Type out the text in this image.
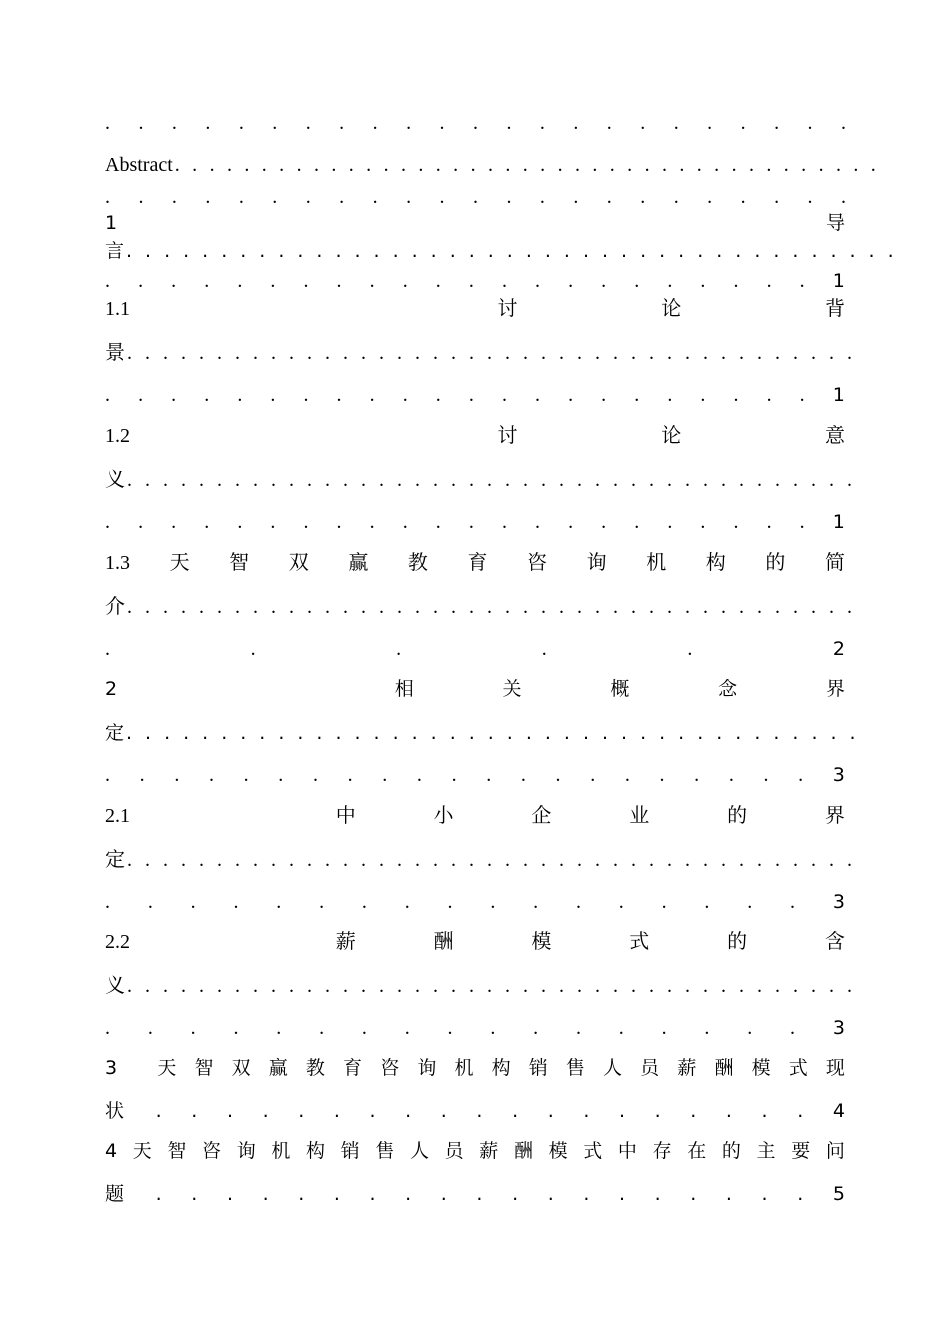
. . . . . . . . . . . . . . . . . . . . . . .
Abstract .........................................
. . . . . . . . . . . . . . . . . . . . . . .
1	导
言 .........................................
. . . . . . . . . . . . . . . . . . . . . . 1
1.1	讨	论	背
景 .........................................
. . . . . . . . . . . . . . . . . . . . . . 1
1.2	讨	论	意
义 .........................................
. . . . . . . . . . . . . . . . . . . . . . 1
1.3 天 智 双 赢 教 育 咨 询 机 构 的 简
介 .........................................
.	.	.	.	.	2
2	相	关	概	念	界
定 .......................................
. . . . . . . . . . . . . . . . . . . . . 3
2.1	中	小	企	业	的	界
定 .........................................
. . . . . . . . . . . . . . . . . 3
2.2	薪	酬	模	式	的	含
义 .........................................
. . . . . . . . . . . . . . . . . 3
3 天 智 双 赢 教 育 咨 询 机 构 销 售 人 员 薪 酬 模 式 现
状 . . . . . . . . . . . . . . . . . . . 4
4 天 智 咨 询 机 构 销 售 人 员 薪 酬 模 式 中 存 在 的 主 要 问
题 . . . . . . . . . . . . . . . . . . . 5
